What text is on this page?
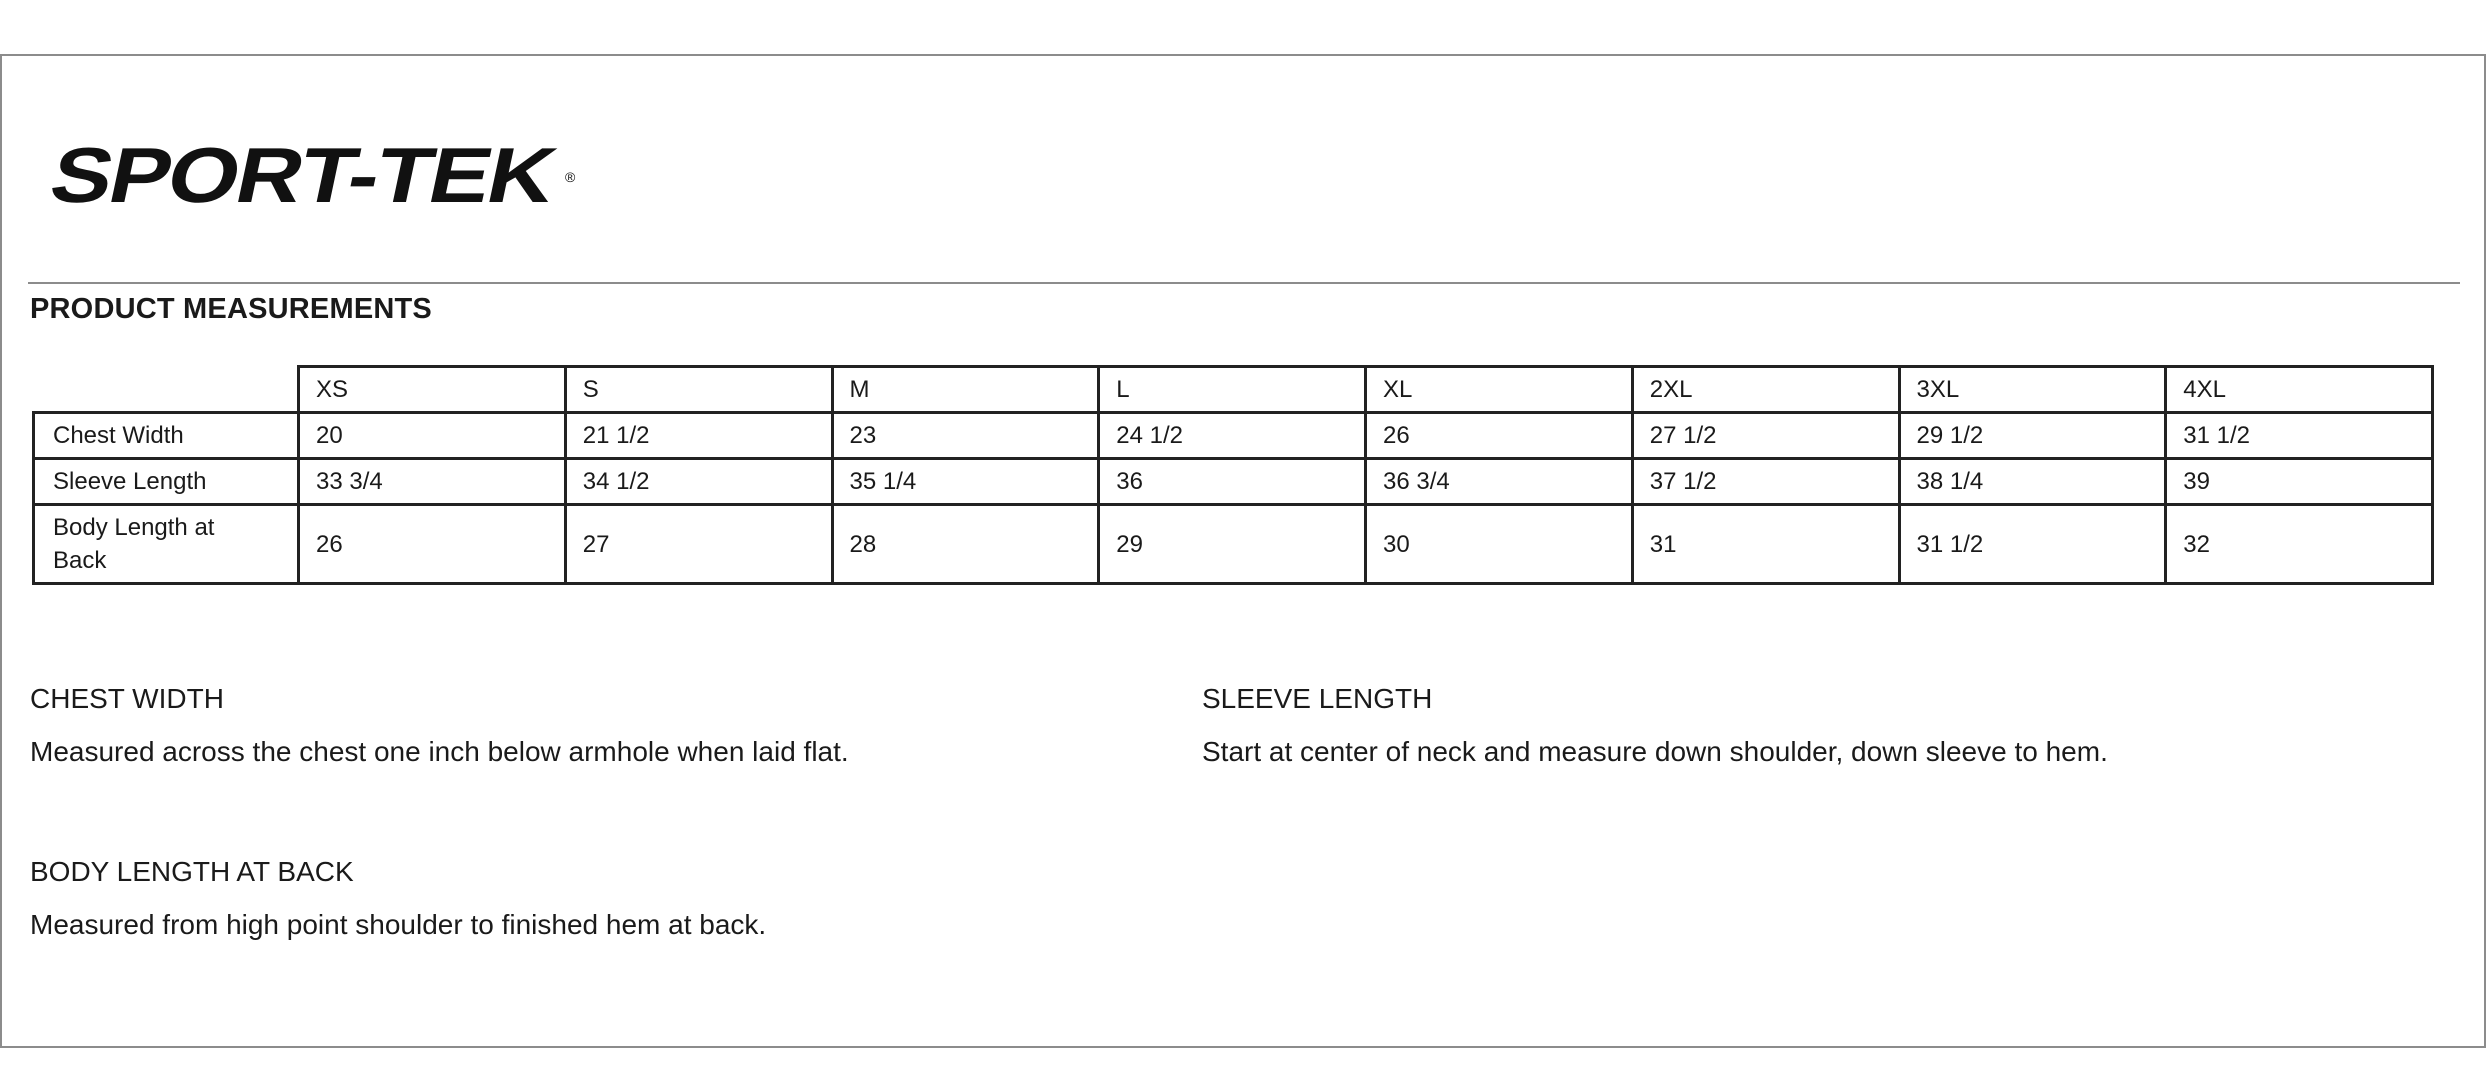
SPORT-TEK	®
PRODUCT MEASUREMENTS
	XS	S	M	L	XL	2XL	3XL	4XL
Chest Width	20	21 1/2	23	24 1/2	26	27 1/2	29 1/2	31 1/2
Sleeve Length	33 3/4	34 1/2	35 1/4	36	36 3/4	37 1/2	38 1/4	39
Body Length at
Back	26	27	28	29	30	31	31 1/2	32

CHEST WIDTH

Measured across the chest one inch below armhole when laid flat.

SLEEVE LENGTH

Start at center of neck and measure down shoulder, down sleeve to hem.

BODY LENGTH AT BACK

Measured from high point shoulder to finished hem at back.
